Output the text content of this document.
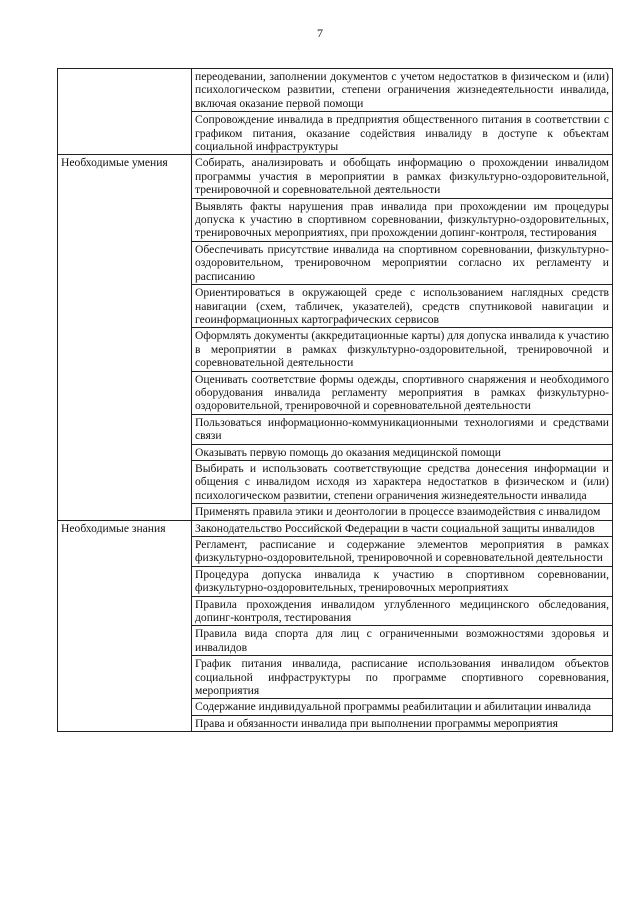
7
	переодевании, заполнении документов с учетом недостатков в физическом и (или) психологическом развитии, степени ограничения жизнедеятельности инвалида, включая оказание первой помощи
	Сопровождение инвалида в предприятия общественного питания в соответствии с графиком питания, оказание содействия инвалиду в доступе к объектам социальной инфраструктуры
Необходимые умения	Собирать, анализировать и обобщать информацию о прохождении инвалидом программы участия в мероприятии в рамках физкультурно-оздоровительной, тренировочной и соревновательной деятельности
	Выявлять факты нарушения прав инвалида при прохождении им процедуры допуска к участию в спортивном соревновании, физкультурно-оздоровительных, тренировочных мероприятиях, при прохождении допинг-контроля, тестирования
	Обеспечивать присутствие инвалида на спортивном соревновании, физкультурно-оздоровительном, тренировочном мероприятии согласно их регламенту и расписанию
	Ориентироваться в окружающей среде с использованием наглядных средств навигации (схем, табличек, указателей), средств спутниковой навигации и геоинформационных картографических сервисов
	Оформлять документы (аккредитационные карты) для допуска инвалида к участию в мероприятии в рамках физкультурно-оздоровительной, тренировочной и соревновательной деятельности
	Оценивать соответствие формы одежды, спортивного снаряжения и необходимого оборудования инвалида регламенту мероприятия в рамках физкультурно-оздоровительной, тренировочной и соревновательной деятельности
	Пользоваться информационно-коммуникационными технологиями и средствами связи
	Оказывать первую помощь до оказания медицинской помощи
	Выбирать и использовать соответствующие средства донесения информации и общения с инвалидом исходя из характера недостатков в физическом и (или) психологическом развитии, степени ограничения жизнедеятельности инвалида
	Применять правила этики и деонтологии в процессе взаимодействия с инвалидом
Необходимые знания	Законодательство Российской Федерации в части социальной защиты инвалидов
	Регламент, расписание и содержание элементов мероприятия в рамках физкультурно-оздоровительной, тренировочной и соревновательной деятельности
	Процедура допуска инвалида к участию в спортивном соревновании, физкультурно-оздоровительных, тренировочных мероприятиях
	Правила прохождения инвалидом углубленного медицинского обследования, допинг-контроля, тестирования
	Правила вида спорта для лиц с ограниченными возможностями здоровья и инвалидов
	График питания инвалида, расписание использования инвалидом объектов социальной инфраструктуры по программе спортивного соревнования, мероприятия
	Содержание индивидуальной программы реабилитации и абилитации инвалида
	Права и обязанности инвалида при выполнении программы мероприятия
